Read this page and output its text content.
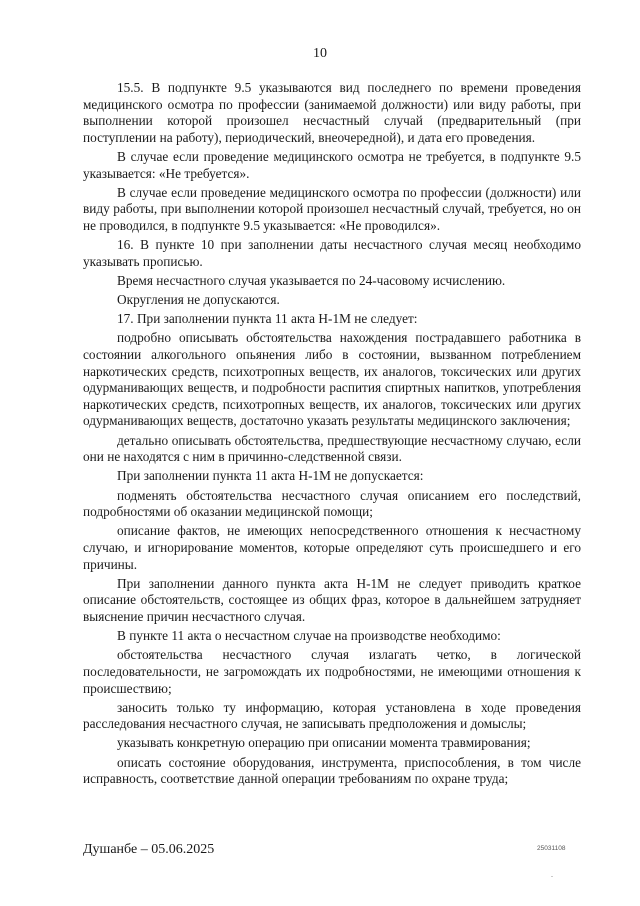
10

15.5. В подпункте 9.5 указываются вид последнего по времени проведения медицинского осмотра по профессии (занимаемой должности) или виду работы, при выполнении которой произошел несчастный случай (предварительный (при поступлении на работу), периодический, внеочередной), и дата его проведения.

В случае если проведение медицинского осмотра не требуется, в подпункте 9.5 указывается: «Не требуется».

В случае если проведение медицинского осмотра по профессии (должности) или виду работы, при выполнении которой произошел несчастный случай, требуется, но он не проводился, в подпункте 9.5 указывается: «Не проводился».

16. В пункте 10 при заполнении даты несчастного случая месяц необходимо указывать прописью.

Время несчастного случая указывается по 24-часовому исчислению.

Округления не допускаются.

17. При заполнении пункта 11 акта Н-1М не следует:

подробно описывать обстоятельства нахождения пострадавшего работника в состоянии алкогольного опьянения либо в состоянии, вызванном потреблением наркотических средств, психотропных веществ, их аналогов, токсических или других одурманивающих веществ, и подробности распития спиртных напитков, употребления наркотических средств, психотропных веществ, их аналогов, токсических или других одурманивающих веществ, достаточно указать результаты медицинского заключения;

детально описывать обстоятельства, предшествующие несчастному случаю, если они не находятся с ним в причинно-следственной связи.

При заполнении пункта 11 акта Н-1М не допускается:

подменять обстоятельства несчастного случая описанием его последствий, подробностями об оказании медицинской помощи;

описание фактов, не имеющих непосредственного отношения к несчастному случаю, и игнорирование моментов, которые определяют суть происшедшего и его причины.

При заполнении данного пункта акта Н-1М не следует приводить краткое описание обстоятельств, состоящее из общих фраз, которое в дальнейшем затрудняет выяснение причин несчастного случая.

В пункте 11 акта о несчастном случае на производстве необходимо:

обстоятельства несчастного случая излагать четко, в логической последовательности, не загромождать их подробностями, не имеющими отношения к происшествию;

заносить только ту информацию, которая установлена в ходе проведения расследования несчастного случая, не записывать предположения и домыслы;

указывать конкретную операцию при описании момента травмирования;

описать состояние оборудования, инструмента, приспособления, в том числе исправность, соответствие данной операции требованиям по охране труда;

Душанбе – 05.06.2025	25031108
.
